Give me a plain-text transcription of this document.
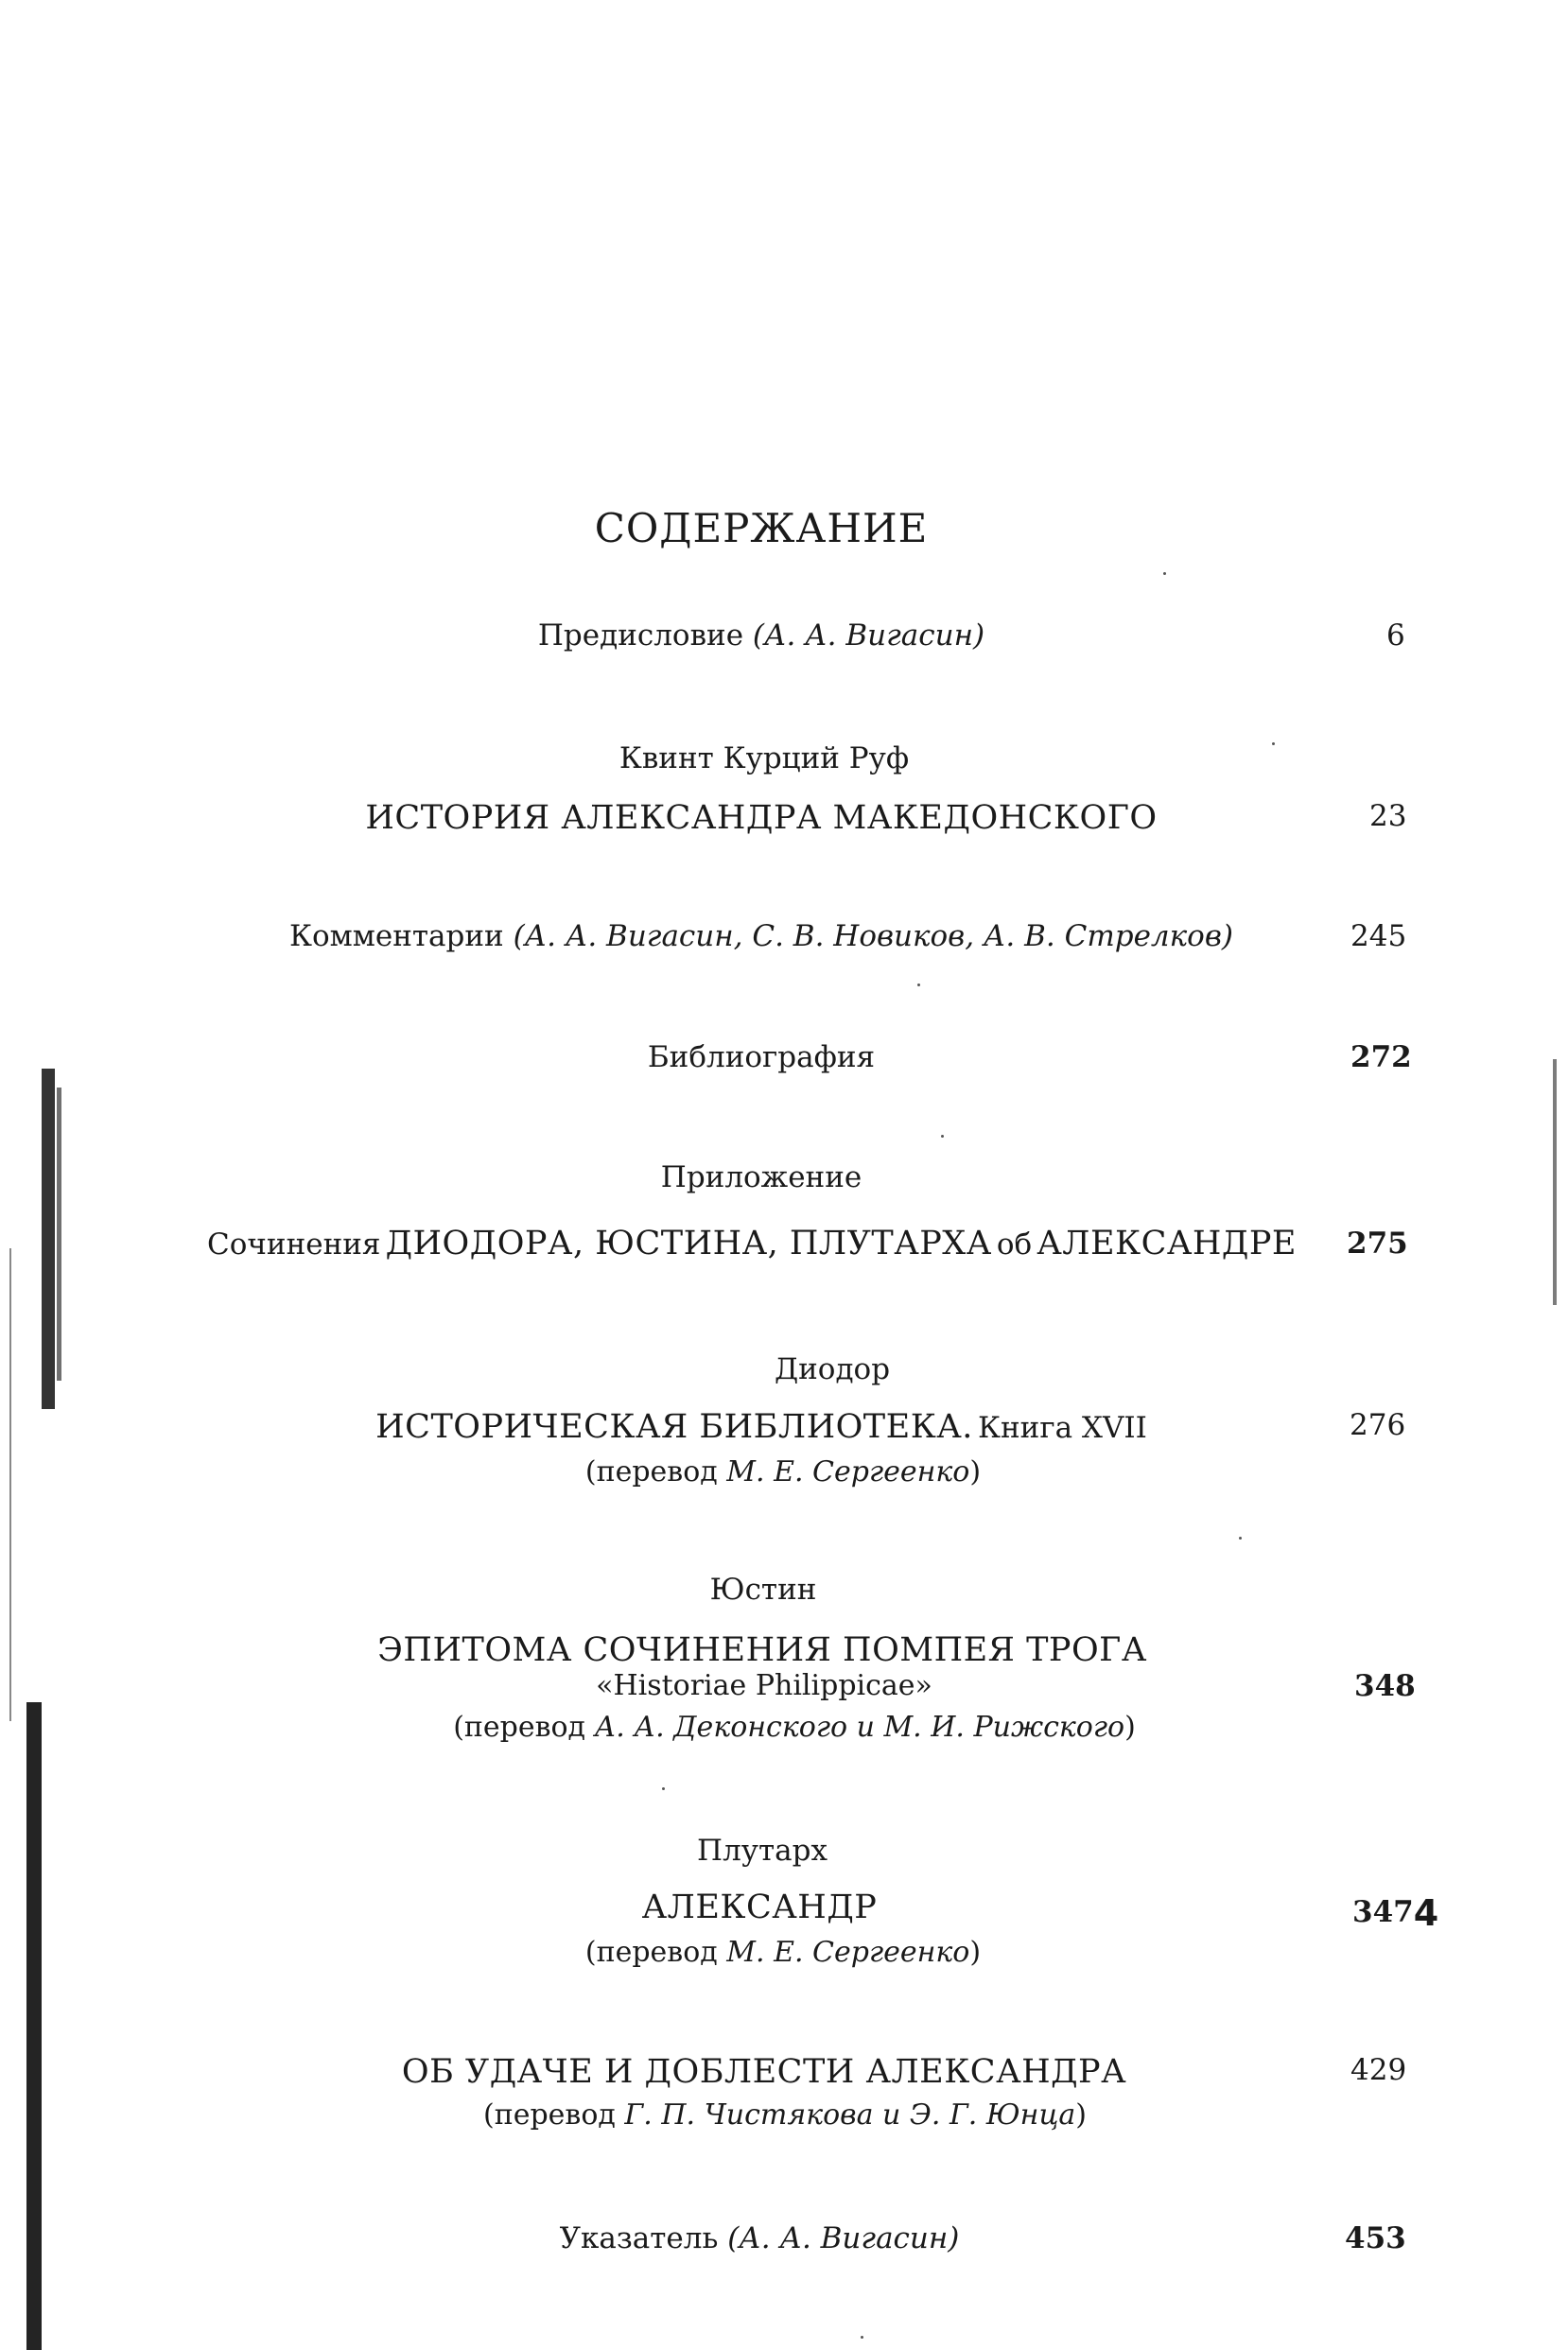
СОДЕРЖАНИЕ
Предисловие (А. А. Вигасин)	6
Квинт Курций Руф
ИСТОРИЯ АЛЕКСАНДРА МАКЕДОНСКОГО	23
Комментарии (А. А. Вигасин, С. В. Новиков, А. В. Стрелков)	245
Библиография	272
Приложение
Сочинения ДИОДОРА, ЮСТИНА, ПЛУТАРХА об АЛЕКСАНДРЕ 275
Диодор
ИСТОРИЧЕСКАЯ БИБЛИОТЕКА. Книга XVII	276
(перевод М. Е. Сергеенко)
Юстин
ЭПИТОМА СОЧИНЕНИЯ ПОМПЕЯ ТРОГА
«Historiae Philippicae»	348
(перевод А. А. Деконского и М. И. Рижского)
Плутарх
АЛЕКСАНДР	3474
(перевод М. Е. Сергеенко)
ОБ УДАЧЕ И ДОБЛЕСТИ АЛЕКСАНДРА	429
(перевод Г. П. Чистякова и Э. Г. Юнца)
Указатель (А. А. Вигасин)	453
